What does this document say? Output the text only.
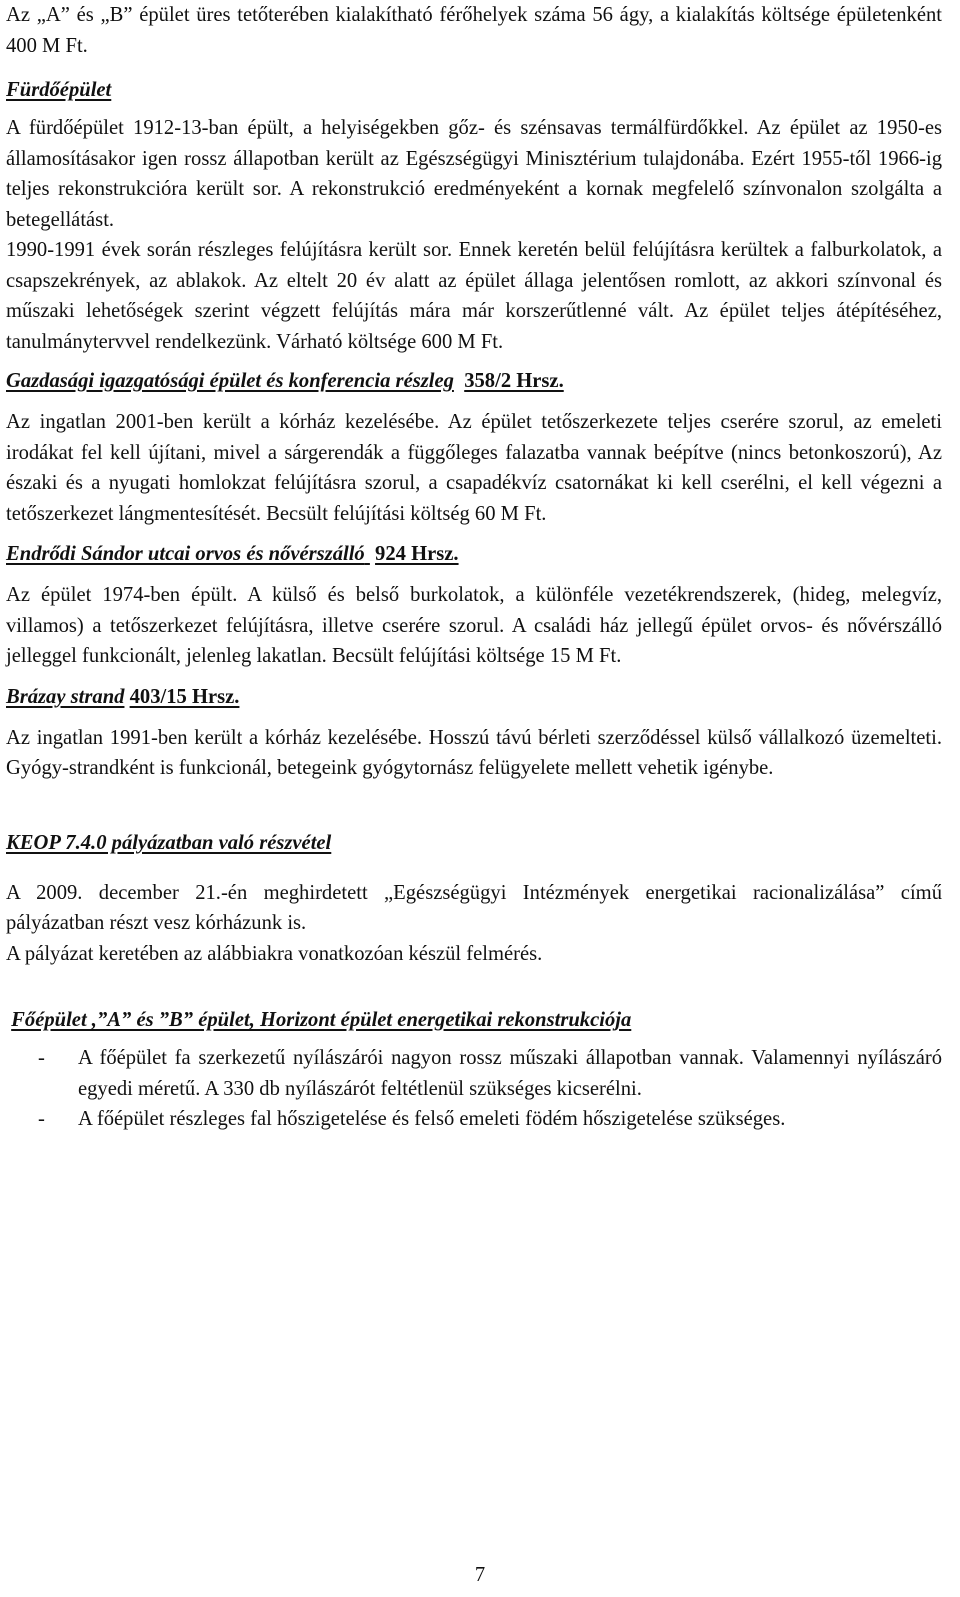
Az „A” és „B” épület üres tetőterében kialakítható férőhelyek száma 56 ágy, a kialakítás költsége épületenként 400 M Ft.

Fürdőépület

A fürdőépület 1912-13-ban épült, a helyiségekben gőz- és szénsavas termálfürdőkkel. Az épület az 1950-es államosításakor igen rossz állapotban került az Egészségügyi Minisztérium tulajdonába. Ezért 1955-től 1966-ig teljes rekonstrukcióra került sor. A rekonstrukció eredményeként a kornak megfelelő színvonalon szolgálta a betegellátást.

1990-1991 évek során részleges felújításra került sor. Ennek keretén belül felújításra kerültek a falburkolatok, a csapszekrények, az ablakok. Az eltelt 20 év alatt az épület állaga jelentősen romlott, az akkori színvonal és műszaki lehetőségek szerint végzett felújítás mára már korszerűtlenné vált. Az épület teljes átépítéséhez, tanulmánytervvel rendelkezünk. Várható költsége 600 M Ft.

Gazdasági igazgatósági épület és konferencia részleg 358/2 Hrsz.

Az ingatlan 2001-ben került a kórház kezelésébe. Az épület tetőszerkezete teljes cserére szorul, az emeleti irodákat fel kell újítani, mivel a sárgerendák a függőleges falazatba vannak beépítve (nincs betonkoszorú), Az északi és a nyugati homlokzat felújításra szorul, a csapadékvíz csatornákat ki kell cserélni, el kell végezni a tetőszerkezet lángmentesítését. Becsült felújítási költség 60 M Ft.

Endrődi Sándor utcai orvos és nővérszálló 924 Hrsz.

Az épület 1974-ben épült. A külső és belső burkolatok, a különféle vezetékrendszerek, (hideg, melegvíz, villamos) a tetőszerkezet felújításra, illetve cserére szorul. A családi ház jellegű épület orvos- és nővérszálló jelleggel funkcionált, jelenleg lakatlan. Becsült felújítási költsége 15 M Ft.

Brázay strand 403/15 Hrsz.

Az ingatlan 1991-ben került a kórház kezelésébe. Hosszú távú bérleti szerződéssel külső vállalkozó üzemelteti. Gyógy-strandként is funkcionál, betegeink gyógytornász felügyelete mellett vehetik igénybe.

KEOP 7.4.0 pályázatban való részvétel

A 2009. december 21.-én meghirdetett „Egészségügyi Intézmények energetikai racionalizálása” című pályázatban részt vesz kórházunk is.

A pályázat keretében az alábbiakra vonatkozóan készül felmérés.

Főépület ,”A” és ”B” épület, Horizont épület energetikai rekonstrukciója

- A főépület fa szerkezetű nyílászárói nagyon rossz műszaki állapotban vannak. Valamennyi nyílászáró egyedi méretű. A 330 db nyílászárót feltétlenül szükséges kicserélni.
- A főépület részleges fal hőszigetelése és felső emeleti födém hőszigetelése szükséges.
7
